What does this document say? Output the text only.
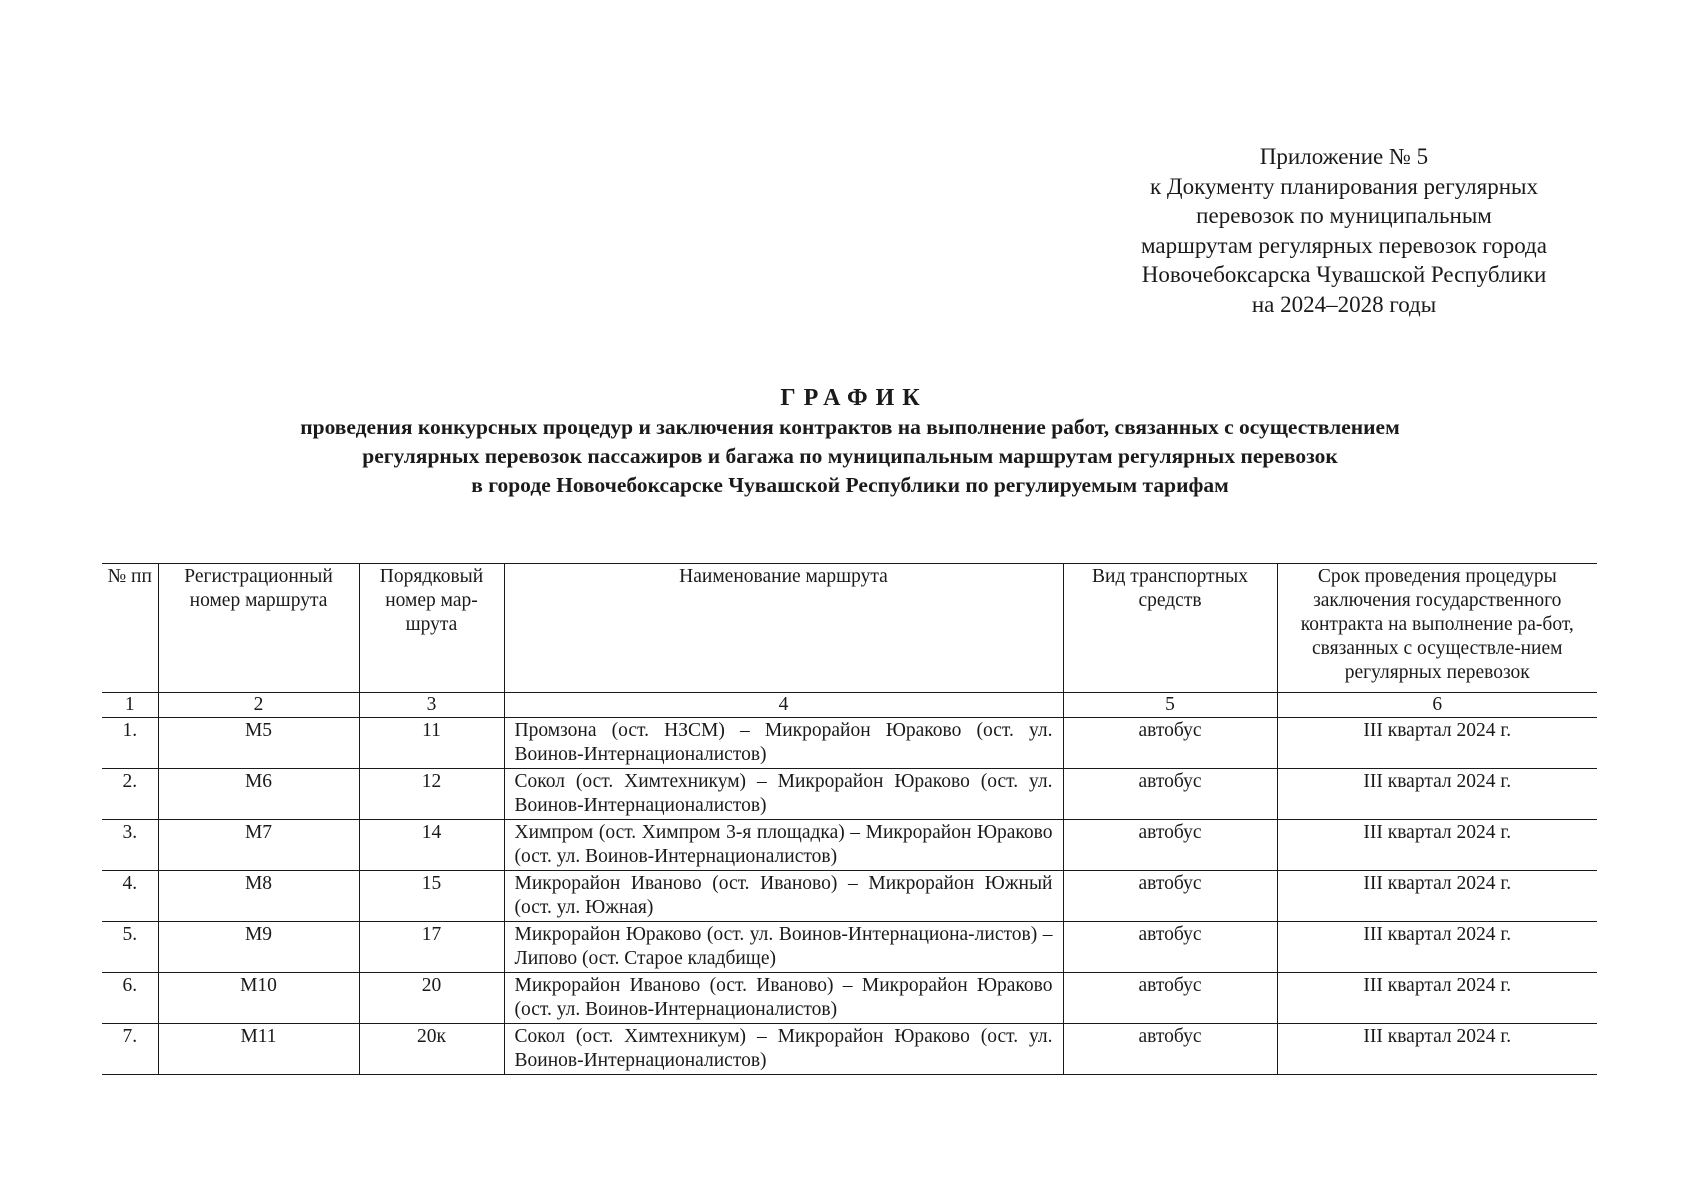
Приложение № 5
к Документу планирования регулярных
перевозок по муниципальным
маршрутам регулярных перевозок города
Новочебоксарска Чувашской Республики
на 2024–2028 годы
ГРАФИК
проведения конкурсных процедур и заключения контрактов на выполнение работ, связанных с осуществлением
регулярных перевозок пассажиров и багажа по муниципальным маршрутам регулярных перевозок
в городе Новочебоксарске Чувашской Республики по регулируемым тарифам
№ пп	Регистрационный номер маршрута	Порядковый номер мар-шрута	Наименование маршрута	Вид транспортных средств	Срок проведения процедуры заключения государственного контракта на выполнение ра-бот, связанных с осуществле-нием регулярных перевозок
1	2	3	4	5	6
1.	М5	11	Промзона (ост. НЗСМ) – Микрорайон Юраково (ост. ул. Воинов-Интернационалистов)	автобус	III квартал 2024 г.
2.	М6	12	Сокол (ост. Химтехникум) – Микрорайон Юраково (ост. ул. Воинов-Интернационалистов)	автобус	III квартал 2024 г.
3.	М7	14	Химпром (ост. Химпром 3-я площадка) – Микрорайон Юраково (ост. ул. Воинов-Интернационалистов)	автобус	III квартал 2024 г.
4.	М8	15	Микрорайон Иваново (ост. Иваново) – Микрорайон Южный (ост. ул. Южная)	автобус	III квартал 2024 г.
5.	М9	17	Микрорайон Юраково (ост. ул. Воинов-Интернациона-листов) – Липово (ост. Старое кладбище)	автобус	III квартал 2024 г.
6.	М10	20	Микрорайон Иваново (ост. Иваново) – Микрорайон Юраково (ост. ул. Воинов-Интернационалистов)	автобус	III квартал 2024 г.
7.	М11	20к	Сокол (ост. Химтехникум) – Микрорайон Юраково (ост. ул. Воинов-Интернационалистов)	автобус	III квартал 2024 г.
